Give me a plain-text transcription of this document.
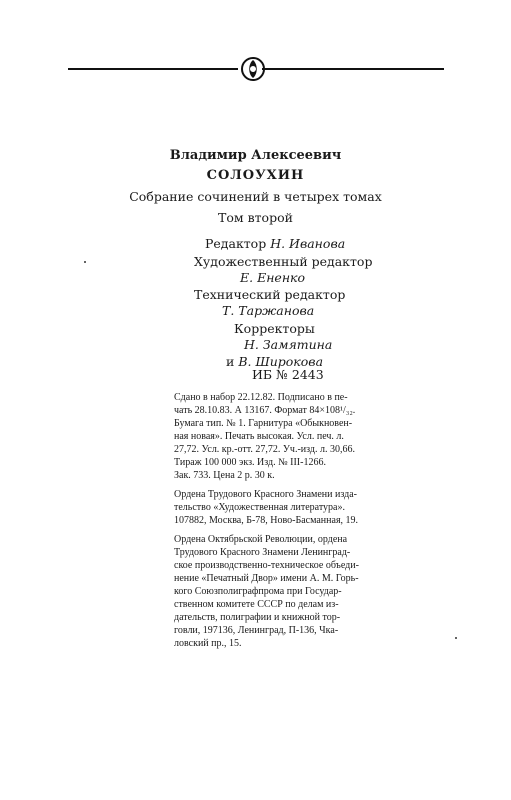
Владимир Алексеевич
СОЛОУХИН
Собрание сочинений в четырех томах
Том второй
Редактор Н. Иванова
Художественный редактор
Е. Ененко
Технический редактор
Т. Таржанова
Корректоры
Н. Замятина
и В. Широкова
ИБ № 2443
Сдано в набор 22.12.82. Подписано в пе-
чать 28.10.83. А 13167. Формат 84×108¹/₃₂.
Бумага тип. № 1. Гарнитура «Обыкновен-
ная новая». Печать высокая. Усл. печ. л.
27,72. Усл. кр.-отт. 27,72. Уч.-изд. л. 30,66.
Тираж 100 000 экз. Изд. № III-1266.
Зак. 733. Цена 2 р. 30 к.
Ордена Трудового Красного Знамени изда-
тельство «Художественная литература».
107882, Москва, Б-78, Ново-Басманная, 19.
Ордена Октябрьской Революции, ордена
Трудового Красного Знамени Ленинград-
ское производственно-техническое объеди-
нение «Печатный Двор» имени А. М. Горь-
кого Союзполиграфпрома при Государ-
ственном комитете СССР по делам из-
дательств, полиграфии и книжной тор-
говли, 197136, Ленинград, П-136, Чка-
ловский пр., 15.
